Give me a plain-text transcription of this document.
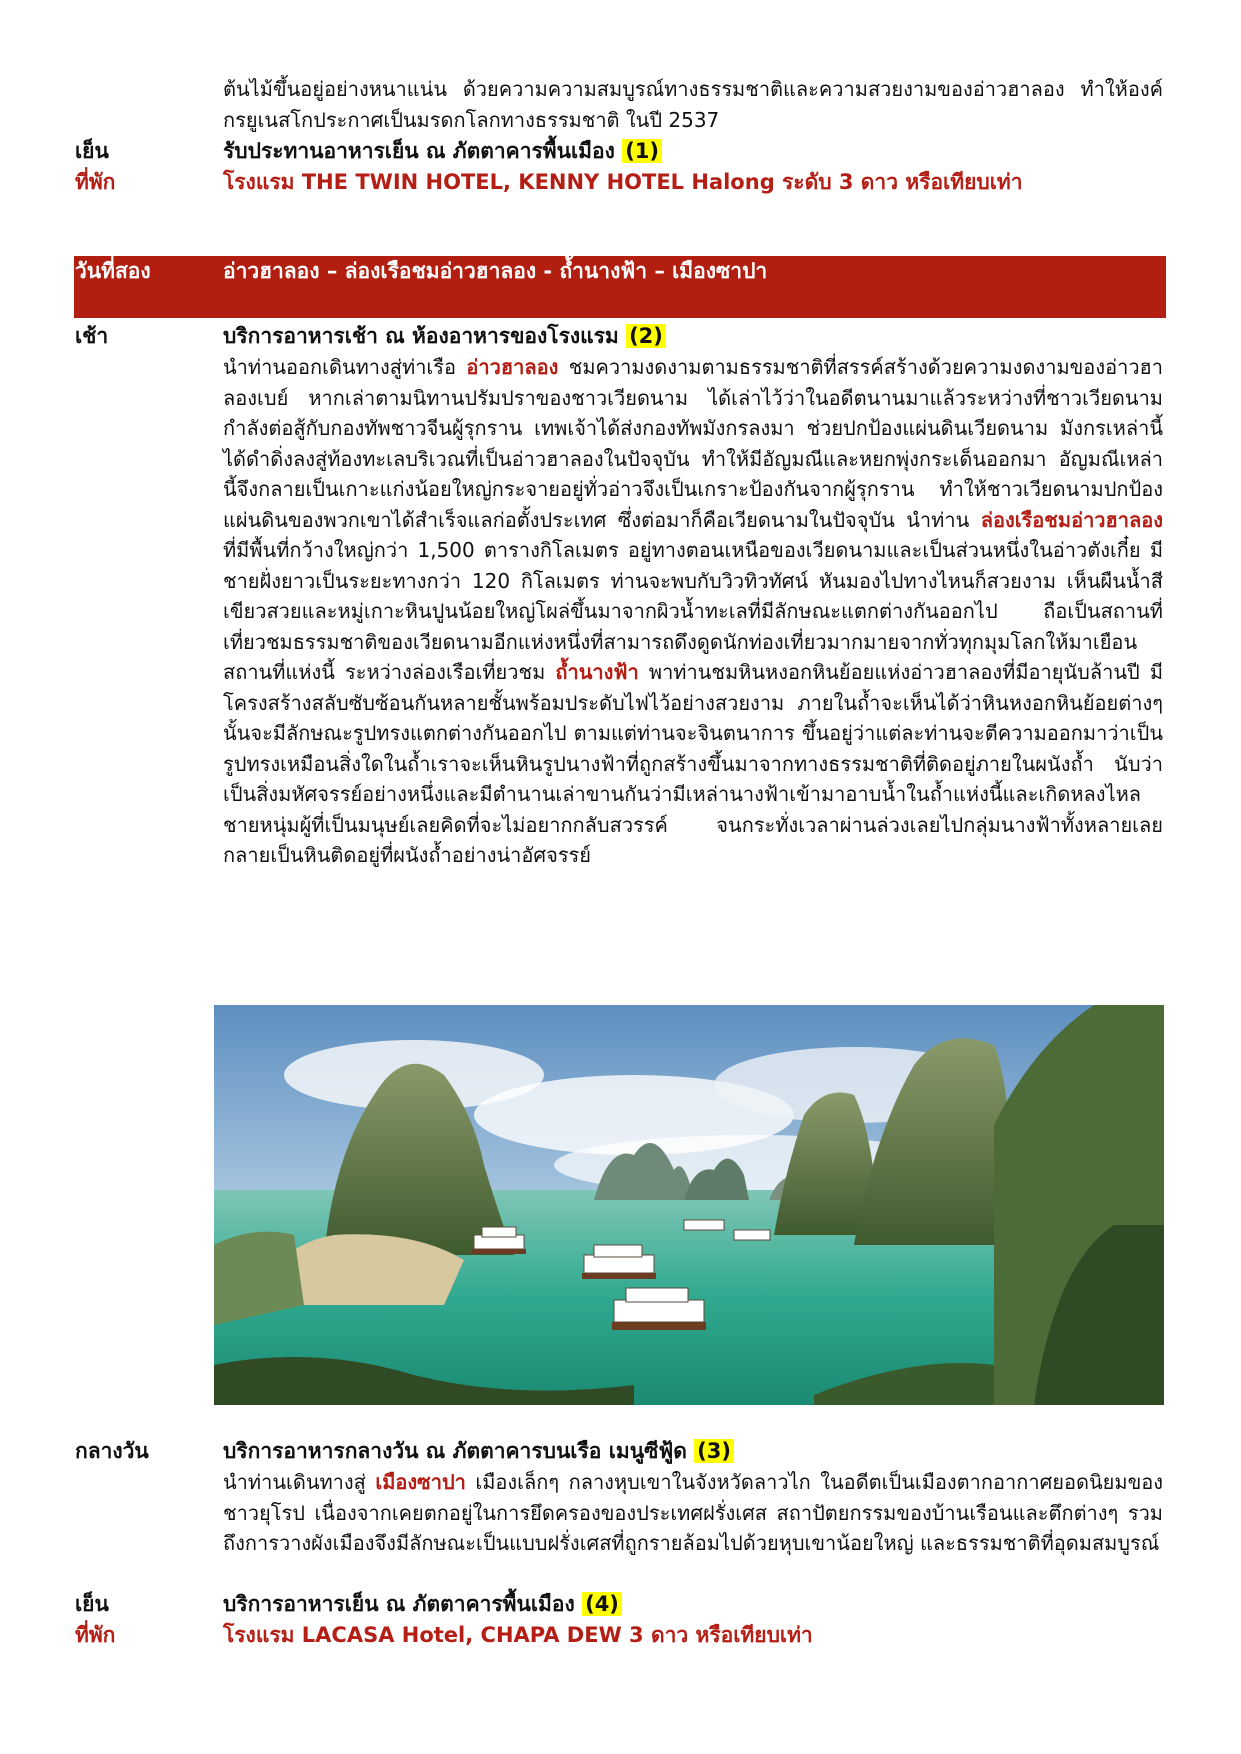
ต้นไม้ขึ้นอยู่อย่างหนาแน่น ด้วยความความสมบูรณ์ทางธรรมชาติและความสวยงามของอ่าวฮาลอง ทำให้องค์กรยูเนสโกประกาศเป็นมรดกโลกทางธรรมชาติ ในปี 2537
เย็น	รับประทานอาหารเย็น ณ ภัตตาคารพื้นเมือง (1)
ที่พัก	โรงแรม THE TWIN HOTEL, KENNY HOTEL Halong ระดับ 3 ดาว หรือเทียบเท่า
วันที่สอง	อ่าวฮาลอง – ล่องเรือชมอ่าวฮาลอง - ถ้ำนางฟ้า – เมืองซาปา
เช้า	บริการอาหารเช้า ณ ห้องอาหารของโรงแรม (2)
นำท่านออกเดินทางสู่ท่าเรือ อ่าวฮาลอง ชมความงดงามตามธรรมชาติที่สรรค์สร้างด้วยความงดงามของอ่าวฮาลองเบย์ หากเล่าตามนิทานปรัมปราของชาวเวียดนาม ได้เล่าไว้ว่าในอดีตนานมาแล้วระหว่างที่ชาวเวียดนามกำลังต่อสู้กับกองทัพชาวจีนผู้รุกราน เทพเจ้าได้ส่งกองทัพมังกรลงมา ช่วยปกป้องแผ่นดินเวียดนาม มังกรเหล่านี้ได้ดำดิ่งลงสู่ท้องทะเลบริเวณที่เป็นอ่าวฮาลองในปัจจุบัน ทำให้มีอัญมณีและหยกพุ่งกระเด็นออกมา อัญมณีเหล่านี้จึงกลายเป็นเกาะแก่งน้อยใหญ่กระจายอยู่ทั่วอ่าวจึงเป็นเกราะป้องกันจากผู้รุกราน ทำให้ชาวเวียดนามปกป้องแผ่นดินของพวกเขาได้สำเร็จแลก่อตั้งประเทศ ซึ่งต่อมาก็คือเวียดนามในปัจจุบัน นำท่าน ล่องเรือชมอ่าวฮาลอง ที่มีพื้นที่กว้างใหญ่กว่า 1,500 ตารางกิโลเมตร อยู่ทางตอนเหนือของเวียดนามและเป็นส่วนหนึ่งในอ่าวตังเกี๋ย มีชายฝั่งยาวเป็นระยะทางกว่า 120 กิโลเมตร ท่านจะพบกับวิวทิวทัศน์ หันมองไปทางไหนก็สวยงาม เห็นผืนน้ำสีเขียวสวยและหมู่เกาะหินปูนน้อยใหญ่โผล่ขึ้นมาจากผิวน้ำทะเลที่มีลักษณะแตกต่างกันออกไป ถือเป็นสถานที่เที่ยวชมธรรมชาติของเวียดนามอีกแห่งหนึ่งที่สามารถดึงดูดนักท่องเที่ยวมากมายจากทั่วทุกมุมโลกให้มาเยือนสถานที่แห่งนี้ ระหว่างล่องเรือเที่ยวชม ถ้ำนางฟ้า พาท่านชมหินหงอกหินย้อยแห่งอ่าวฮาลองที่มีอายุนับล้านปี มีโครงสร้างสลับซับซ้อนกันหลายชั้นพร้อมประดับไฟไว้อย่างสวยงาม ภายในถ้ำจะเห็นได้ว่าหินหงอกหินย้อยต่างๆนั้นจะมีลักษณะรูปทรงแตกต่างกันออกไป ตามแต่ท่านจะจินตนาการ ขึ้นอยู่ว่าแต่ละท่านจะตีความออกมาว่าเป็นรูปทรงเหมือนสิ่งใดในถ้ำเราจะเห็นหินรูปนางฟ้าที่ถูกสร้างขึ้นมาจากทางธรรมชาติที่ติดอยู่ภายในผนังถ้ำ นับว่าเป็นสิ่งมหัศจรรย์อย่างหนึ่งและมีตำนานเล่าขานกันว่ามีเหล่านางฟ้าเข้ามาอาบน้ำในถ้ำแห่งนี้และเกิดหลงไหลชายหนุ่มผู้ที่เป็นมนุษย์เลยคิดที่จะไม่อยากกลับสวรรค์ จนกระทั่งเวลาผ่านล่วงเลยไปกลุ่มนางฟ้าทั้งหลายเลยกลายเป็นหินติดอยู่ที่ผนังถ้ำอย่างน่าอัศจรรย์
กลางวัน	บริการอาหารกลางวัน ณ ภัตตาคารบนเรือ เมนูซีฟู้ด (3)
นำท่านเดินทางสู่ เมืองซาปา เมืองเล็กๆ กลางหุบเขาในจังหวัดลาวไก ในอดีตเป็นเมืองตากอากาศยอดนิยมของชาวยุโรป เนื่องจากเคยตกอยู่ในการยึดครองของประเทศฝรั่งเศส สถาปัตยกรรมของบ้านเรือนและตึกต่างๆ รวมถึงการวางผังเมืองจึงมีลักษณะเป็นแบบฝรั่งเศสที่ถูกรายล้อมไปด้วยหุบเขาน้อยใหญ่ และธรรมชาติที่อุดมสมบูรณ์
เย็น	บริการอาหารเย็น ณ ภัตตาคารพื้นเมือง (4)
ที่พัก	โรงแรม LACASA Hotel, CHAPA DEW 3 ดาว หรือเทียบเท่า
